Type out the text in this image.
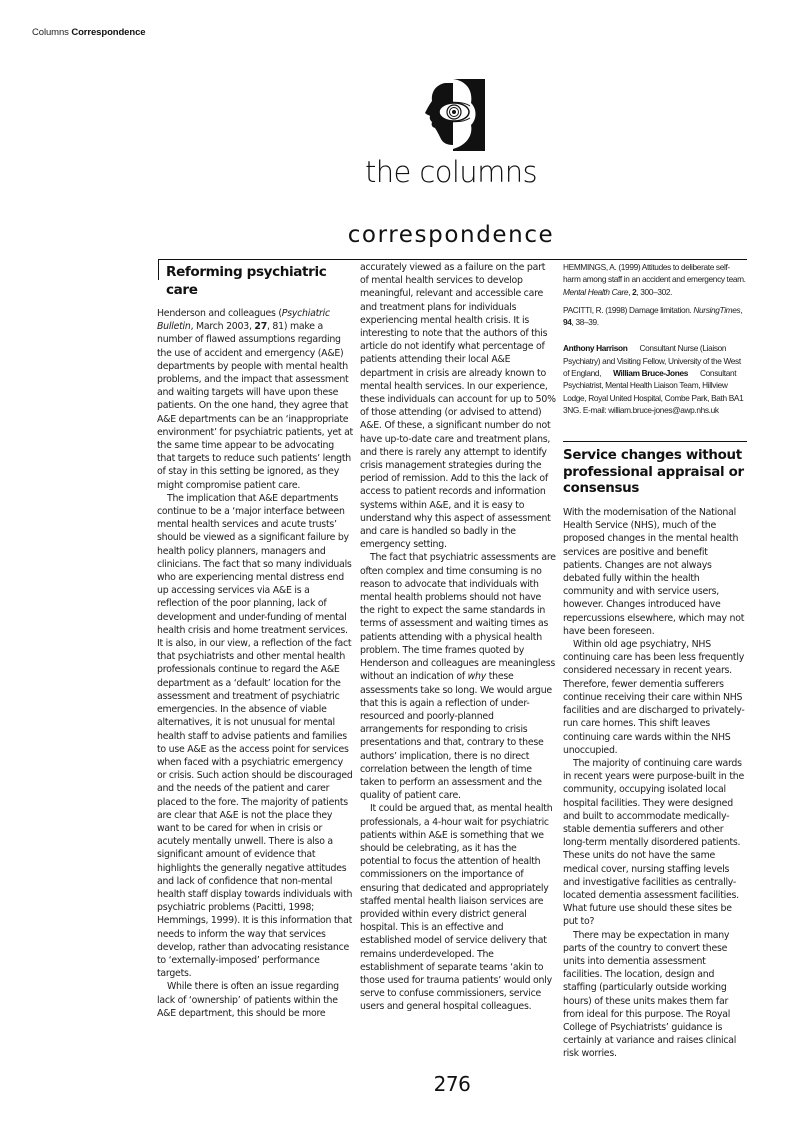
Columns Correspondence
the columns
correspondence
Reforming psychiatric care

Henderson and colleagues (Psychiatric Bulletin, March 2003, 27, 81) make a number of flawed assumptions regarding the use of accident and emergency (A&E) departments by people with mental health problems, and the impact that assessment and waiting targets will have upon these patients. On the one hand, they agree that A&E departments can be an ‘inappropriate environment’ for psychiatric patients, yet at the same time appear to be advocating that targets to reduce such patients’ length of stay in this setting be ignored, as they might compromise patient care.

The implication that A&E departments continue to be a ‘major interface between mental health services and acute trusts’ should be viewed as a significant failure by health policy planners, managers and clinicians. The fact that so many individuals who are experiencing mental distress end up accessing services via A&E is a reflection of the poor planning, lack of development and under-funding of mental health crisis and home treatment services. It is also, in our view, a reflection of the fact that psychiatrists and other mental health professionals continue to regard the A&E department as a ‘default’ location for the assessment and treatment of psychiatric emergencies. In the absence of viable alternatives, it is not unusual for mental health staff to advise patients and families to use A&E as the access point for services when faced with a psychiatric emergency or crisis. Such action should be discouraged and the needs of the patient and carer placed to the fore. The majority of patients are clear that A&E is not the place they want to be cared for when in crisis or acutely mentally unwell. There is also a significant amount of evidence that highlights the generally negative attitudes and lack of confidence that non-mental health staff display towards individuals with psychiatric problems (Pacitti, 1998; Hemmings, 1999). It is this information that needs to inform the way that services develop, rather than advocating resistance to ‘externally-imposed’ performance targets.

While there is often an issue regarding lack of ‘ownership’ of patients within the A&E department, this should be more

accurately viewed as a failure on the part of mental health services to develop meaningful, relevant and accessible care and treatment plans for individuals experiencing mental health crisis. It is interesting to note that the authors of this article do not identify what percentage of patients attending their local A&E department in crisis are already known to mental health services. In our experience, these individuals can account for up to 50% of those attending (or advised to attend) A&E. Of these, a significant number do not have up-to-date care and treatment plans, and there is rarely any attempt to identify crisis management strategies during the period of remission. Add to this the lack of access to patient records and information systems within A&E, and it is easy to understand why this aspect of assessment and care is handled so badly in the emergency setting.

The fact that psychiatric assessments are often complex and time consuming is no reason to advocate that individuals with mental health problems should not have the right to expect the same standards in terms of assessment and waiting times as patients attending with a physical health problem. The time frames quoted by Henderson and colleagues are meaningless without an indication of why these assessments take so long. We would argue that this is again a reflection of under-resourced and poorly-planned arrangements for responding to crisis presentations and that, contrary to these authors’ implication, there is no direct correlation between the length of time taken to perform an assessment and the quality of patient care.

It could be argued that, as mental health professionals, a 4-hour wait for psychiatric patients within A&E is something that we should be celebrating, as it has the potential to focus the attention of health commissioners on the importance of ensuring that dedicated and appropriately staffed mental health liaison services are provided within every district general hospital. This is an effective and established model of service delivery that remains underdeveloped. The establishment of separate teams ‘akin to those used for trauma patients’ would only serve to confuse commissioners, service users and general hospital colleagues.

HEMMINGS, A. (1999) Attitudes to deliberate self-harm among staff in an accident and emergency team. Mental Health Care, 2, 300–302.

PACITTI, R. (1998) Damage limitation. NursingTimes, 94, 38–39.

Anthony Harrison Consultant Nurse (Liaison Psychiatry) and Visiting Fellow, University of the West of England, William Bruce-Jones Consultant Psychiatrist, Mental Health Liaison Team, Hillview Lodge, Royal United Hospital, Combe Park, Bath BA1 3NG. E-mail: william.bruce-jones@awp.nhs.uk
Service changes without professional appraisal or consensus

With the modernisation of the National Health Service (NHS), much of the proposed changes in the mental health services are positive and benefit patients. Changes are not always debated fully within the health community and with service users, however. Changes introduced have repercussions elsewhere, which may not have been foreseen.

Within old age psychiatry, NHS continuing care has been less frequently considered necessary in recent years. Therefore, fewer dementia sufferers continue receiving their care within NHS facilities and are discharged to privately-run care homes. This shift leaves continuing care wards within the NHS unoccupied.

The majority of continuing care wards in recent years were purpose-built in the community, occupying isolated local hospital facilities. They were designed and built to accommodate medically-stable dementia sufferers and other long-term mentally disordered patients. These units do not have the same medical cover, nursing staffing levels and investigative facilities as centrally-located dementia assessment facilities. What future use should these sites be put to?

There may be expectation in many parts of the country to convert these units into dementia assessment facilities. The location, design and staffing (particularly outside working hours) of these units makes them far from ideal for this purpose. The Royal College of Psychiatrists’ guidance is certainly at variance and raises clinical risk worries.

276
